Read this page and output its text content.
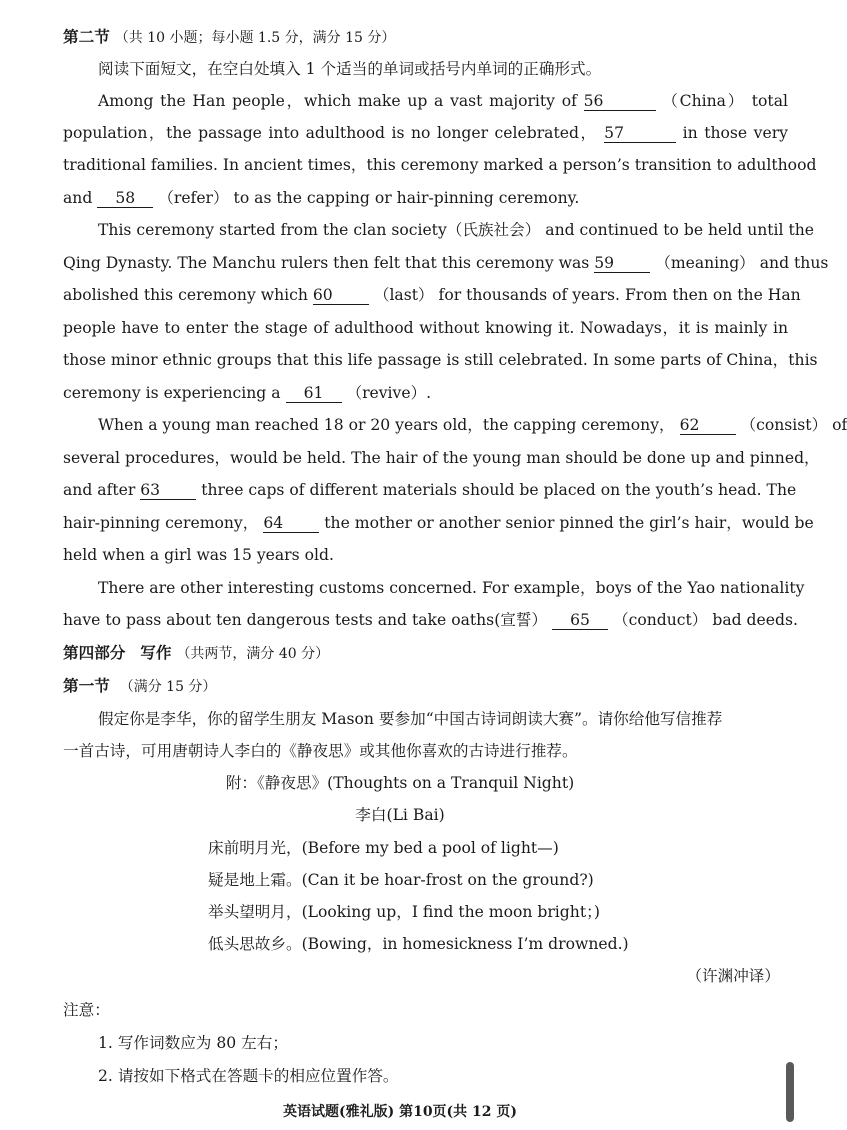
第二节 （共 10 小题；每小题 1.5 分，满分 15 分）
阅读下面短文，在空白处填入 1 个适当的单词或括号内单词的正确形式。
Among the Han people，which make up a vast majority of 56	（China） total
population，the passage into adulthood is no longer celebrated， 57	in those very
traditional families. In ancient times，this ceremony marked a person’s transition to adulthood
and 58 （refer） to as the capping or hair-pinning ceremony.
This ceremony started from the clan society（氏族社会） and continued to be held until the
Qing Dynasty. The Manchu rulers then felt that this ceremony was 59	（meaning） and thus
abolished this ceremony which 60	（last） for thousands of years. From then on the Han
people have to enter the stage of adulthood without knowing it. Nowadays，it is mainly in
those minor ethnic groups that this life passage is still celebrated. In some parts of China，this
ceremony is experiencing a 61 （revive）.
When a young man reached 18 or 20 years old，the capping ceremony， 62	（consist） of
several procedures，would be held. The hair of the young man should be done up and pinned，
and after 63	three caps of different materials should be placed on the youth’s head. The
hair-pinning ceremony， 64	the mother or another senior pinned the girl’s hair，would be
held when a girl was 15 years old.
There are other interesting customs concerned. For example，boys of the Yao nationality
have to pass about ten dangerous tests and take oaths(宣誓） 65 （conduct） bad deeds.
第四部分 写作 （共两节，满分 40 分）
第一节 （满分 15 分）
假定你是李华，你的留学生朋友 Mason 要参加“中国古诗词朗读大赛”。请你给他写信推荐
一首古诗，可用唐朝诗人李白的《静夜思》或其他你喜欢的古诗进行推荐。
附：《静夜思》(Thoughts on a Tranquil Night)
李白(Li Bai)
床前明月光，(Before my bed a pool of light—)
疑是地上霜。(Can it be hoar-frost on the ground?)
举头望明月，(Looking up，I find the moon bright；)
低头思故乡。(Bowing，in homesickness I’m drowned.)
（许渊冲译）
注意：
1. 写作词数应为 80 左右；
2. 请按如下格式在答题卡的相应位置作答。
英语试题(雅礼版) 第10页(共 12 页)
